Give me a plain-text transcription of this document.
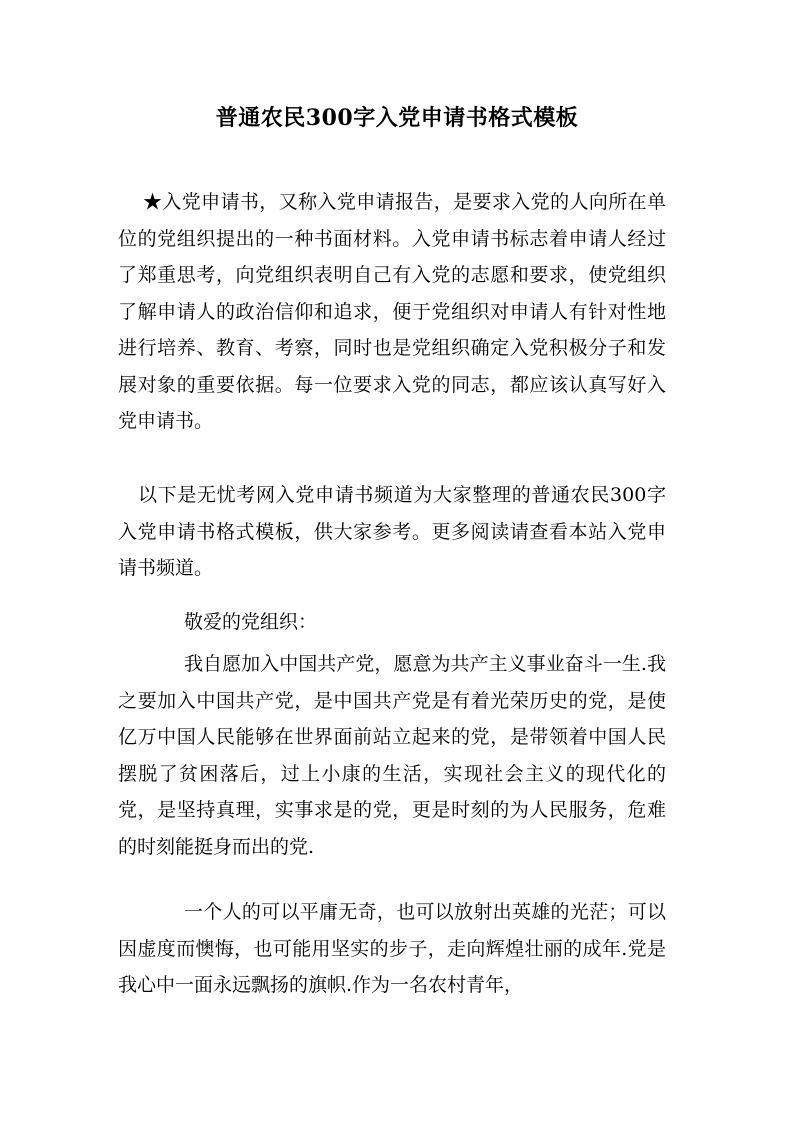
普通农民300字入党申请书格式模板

★入党申请书，又称入党申请报告，是要求入党的人向所在单位的党组织提出的一种书面材料。入党申请书标志着申请人经过了郑重思考，向党组织表明自己有入党的志愿和要求，使党组织了解申请人的政治信仰和追求，便于党组织对申请人有针对性地进行培养、教育、考察，同时也是党组织确定入党积极分子和发展对象的重要依据。每一位要求入党的同志，都应该认真写好入党申请书。

以下是无忧考网入党申请书频道为大家整理的普通农民300字入党申请书格式模板，供大家参考。更多阅读请查看本站入党申请书频道。

敬爱的党组织：

我自愿加入中国共产党，愿意为共产主义事业奋斗一生.我之要加入中国共产党，是中国共产党是有着光荣历史的党，是使亿万中国人民能够在世界面前站立起来的党，是带领着中国人民摆脱了贫困落后，过上小康的生活，实现社会主义的现代化的党，是坚持真理，实事求是的党，更是时刻的为人民服务，危难的时刻能挺身而出的党.

一个人的可以平庸无奇，也可以放射出英雄的光茫；可以因虚度而懊悔，也可能用坚实的步子，走向辉煌壮丽的成年.党是我心中一面永远飘扬的旗帜.作为一名农村青年，
